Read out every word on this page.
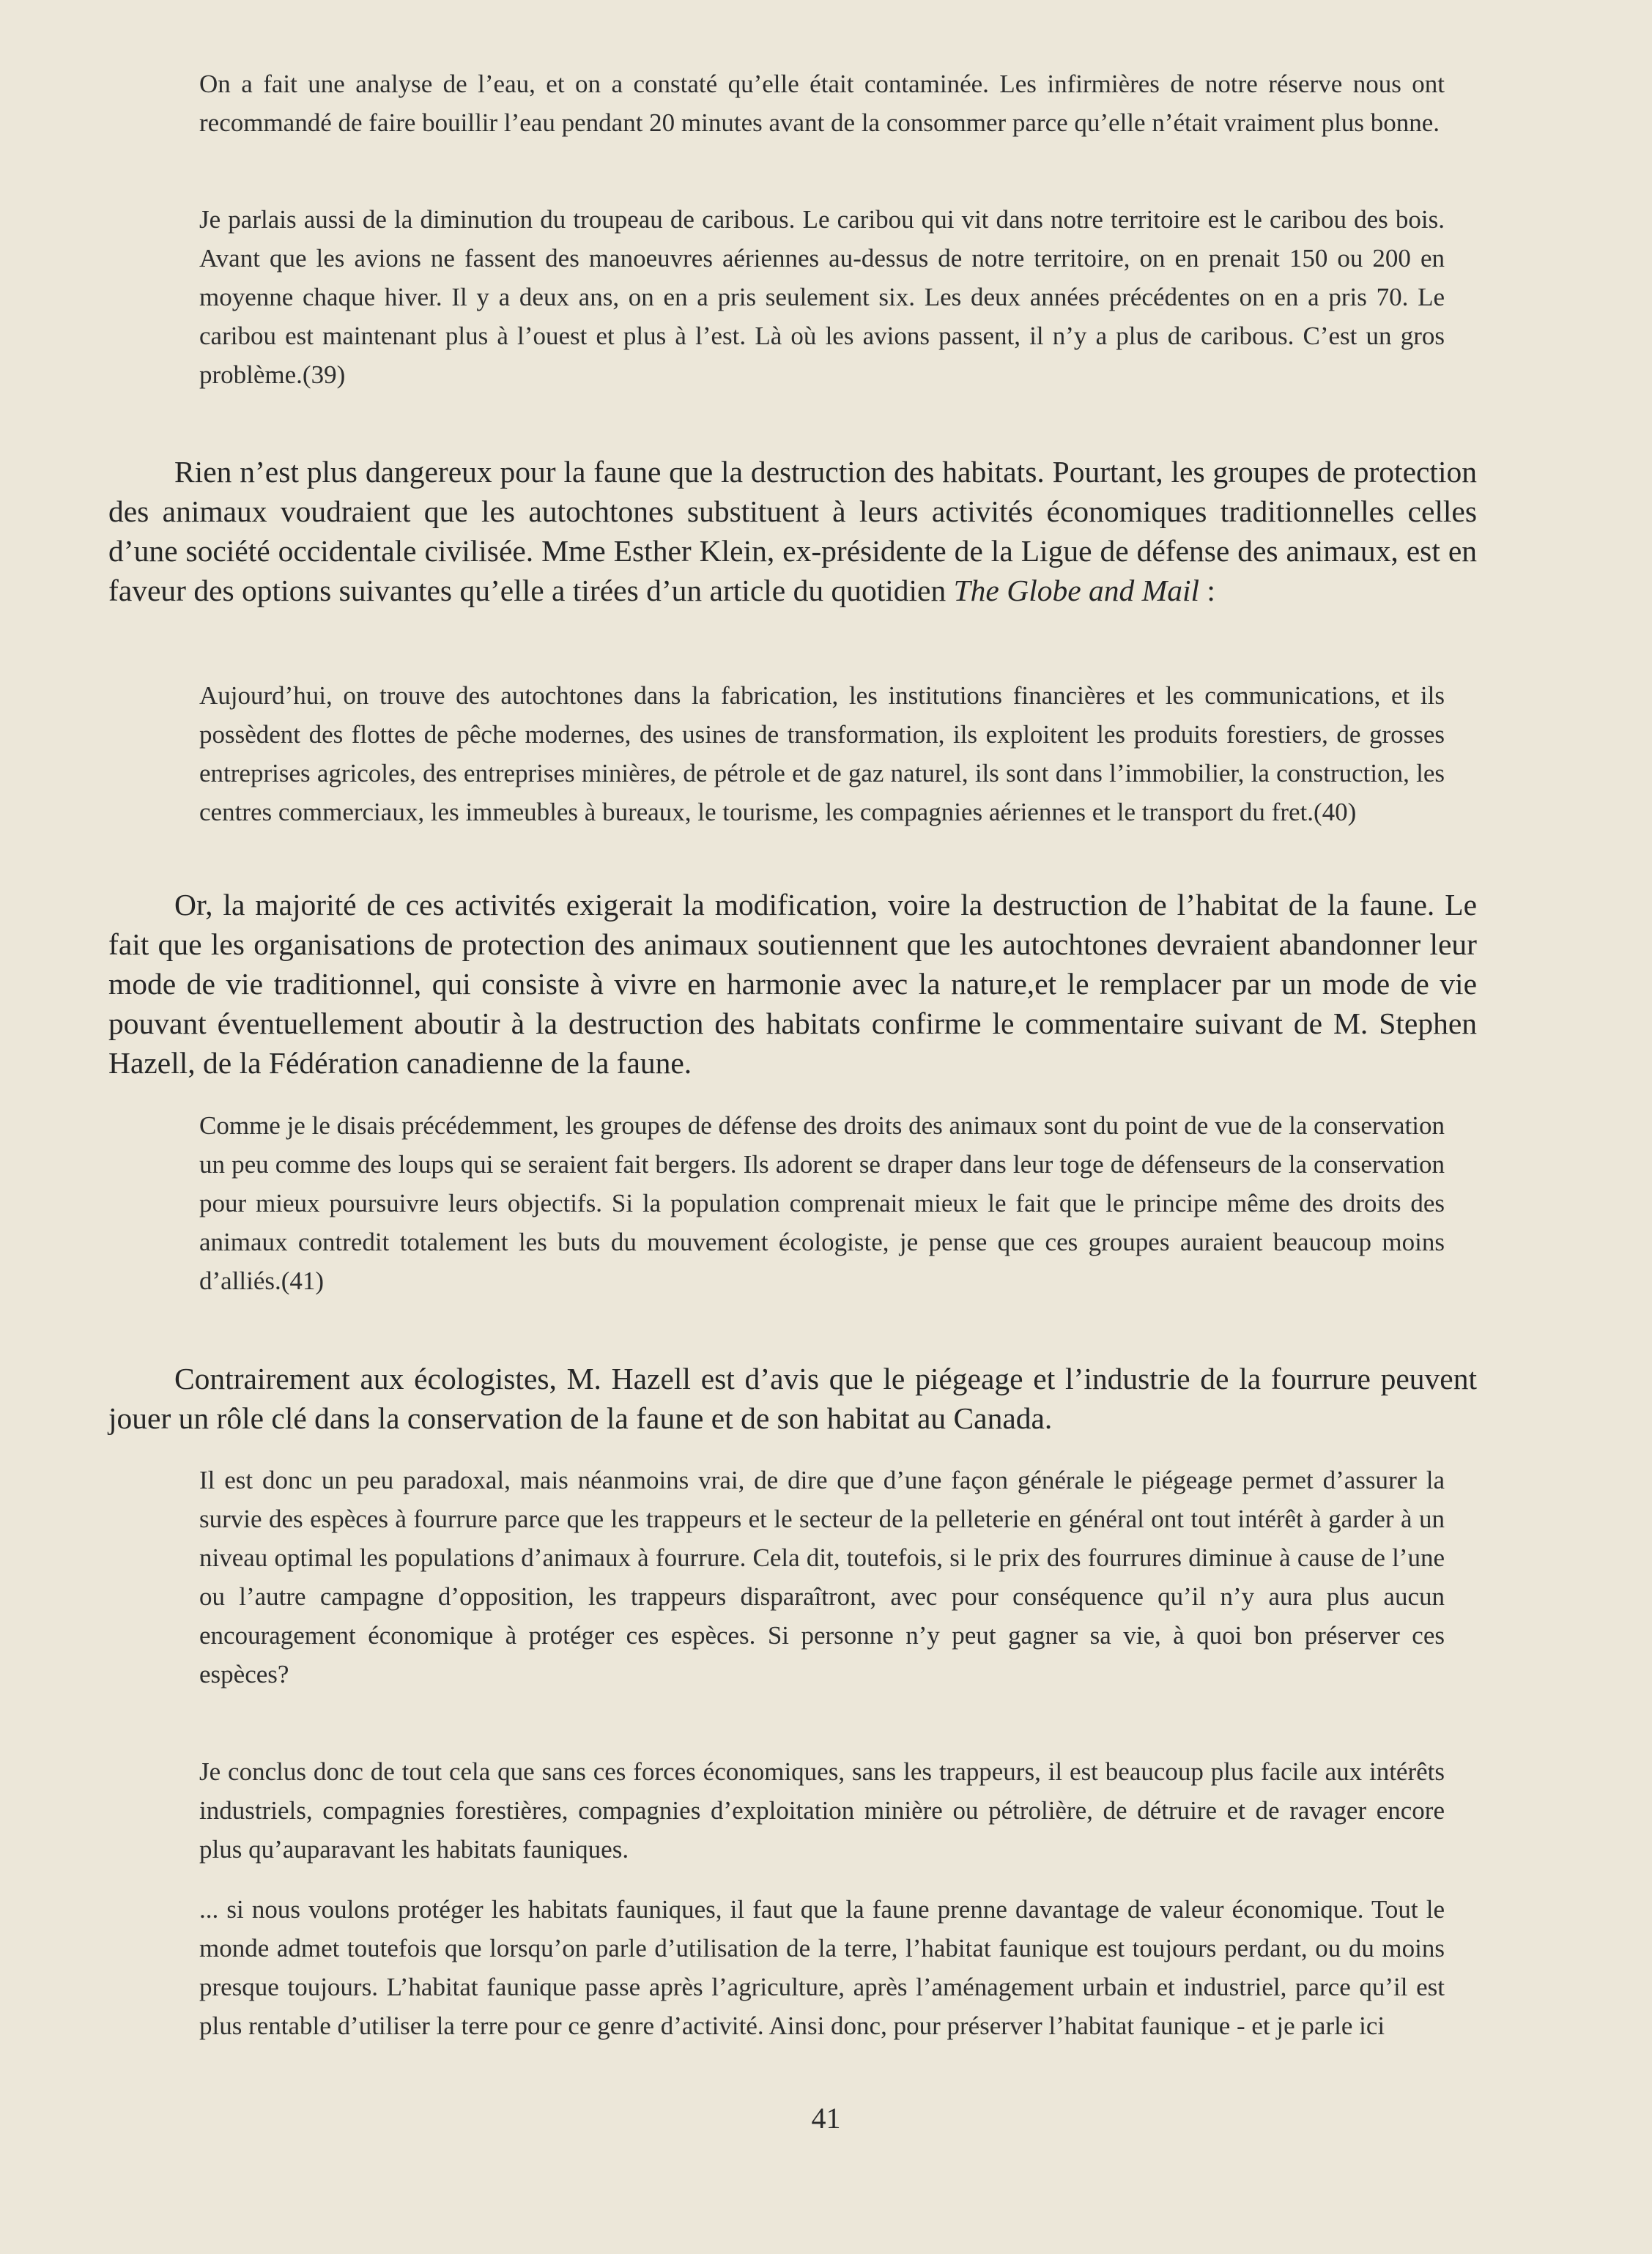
On a fait une analyse de l’eau, et on a constaté qu’elle était contaminée. Les infirmières de notre réserve nous ont recommandé de faire bouillir l’eau pendant 20 minutes avant de la consommer parce qu’elle n’était vraiment plus bonne.

Je parlais aussi de la diminution du troupeau de caribous. Le caribou qui vit dans notre territoire est le caribou des bois. Avant que les avions ne fassent des manoeuvres aériennes au-dessus de notre territoire, on en prenait 150 ou 200 en moyenne chaque hiver. Il y a deux ans, on en a pris seulement six. Les deux années précédentes on en a pris 70. Le caribou est maintenant plus à l’ouest et plus à l’est. Là où les avions passent, il n’y a plus de caribous. C’est un gros problème.(39)

Rien n’est plus dangereux pour la faune que la destruction des habitats. Pourtant, les groupes de protection des animaux voudraient que les autochtones substituent à leurs activités économiques traditionnelles celles d’une société occidentale civilisée. Mme Esther Klein, ex-présidente de la Ligue de défense des animaux, est en faveur des options suivantes qu’elle a tirées d’un article du quotidien The Globe and Mail :

Aujourd’hui, on trouve des autochtones dans la fabrication, les institutions financières et les communications, et ils possèdent des flottes de pêche modernes, des usines de transformation, ils exploitent les produits forestiers, de grosses entreprises agricoles, des entreprises minières, de pétrole et de gaz naturel, ils sont dans l’immobilier, la construction, les centres commerciaux, les immeubles à bureaux, le tourisme, les compagnies aériennes et le transport du fret.(40)

Or, la majorité de ces activités exigerait la modification, voire la destruction de l’habitat de la faune. Le fait que les organisations de protection des animaux soutiennent que les autochtones devraient abandonner leur mode de vie traditionnel, qui consiste à vivre en harmonie avec la nature,et le remplacer par un mode de vie pouvant éventuellement aboutir à la destruction des habitats confirme le commentaire suivant de M. Stephen Hazell, de la Fédération canadienne de la faune.

Comme je le disais précédemment, les groupes de défense des droits des animaux sont du point de vue de la conservation un peu comme des loups qui se seraient fait bergers. Ils adorent se draper dans leur toge de défenseurs de la conservation pour mieux poursuivre leurs objectifs. Si la population comprenait mieux le fait que le principe même des droits des animaux contredit totalement les buts du mouvement écologiste, je pense que ces groupes auraient beaucoup moins d’alliés.(41)

Contrairement aux écologistes, M. Hazell est d’avis que le piégeage et l’industrie de la fourrure peuvent jouer un rôle clé dans la conservation de la faune et de son habitat au Canada.

Il est donc un peu paradoxal, mais néanmoins vrai, de dire que d’une façon générale le piégeage permet d’assurer la survie des espèces à fourrure parce que les trappeurs et le secteur de la pelleterie en général ont tout intérêt à garder à un niveau optimal les populations d’animaux à fourrure. Cela dit, toutefois, si le prix des fourrures diminue à cause de l’une ou l’autre campagne d’opposition, les trappeurs disparaîtront, avec pour conséquence qu’il n’y aura plus aucun encouragement économique à protéger ces espèces. Si personne n’y peut gagner sa vie, à quoi bon préserver ces espèces?

Je conclus donc de tout cela que sans ces forces économiques, sans les trappeurs, il est beaucoup plus facile aux intérêts industriels, compagnies forestières, compagnies d’exploitation minière ou pétrolière, de détruire et de ravager encore plus qu’auparavant les habitats fauniques.

... si nous voulons protéger les habitats fauniques, il faut que la faune prenne davantage de valeur économique. Tout le monde admet toutefois que lorsqu’on parle d’utilisation de la terre, l’habitat faunique est toujours perdant, ou du moins presque toujours. L’habitat faunique passe après l’agriculture, après l’aménagement urbain et industriel, parce qu’il est plus rentable d’utiliser la terre pour ce genre d’activité. Ainsi donc, pour préserver l’habitat faunique - et je parle ici

41
